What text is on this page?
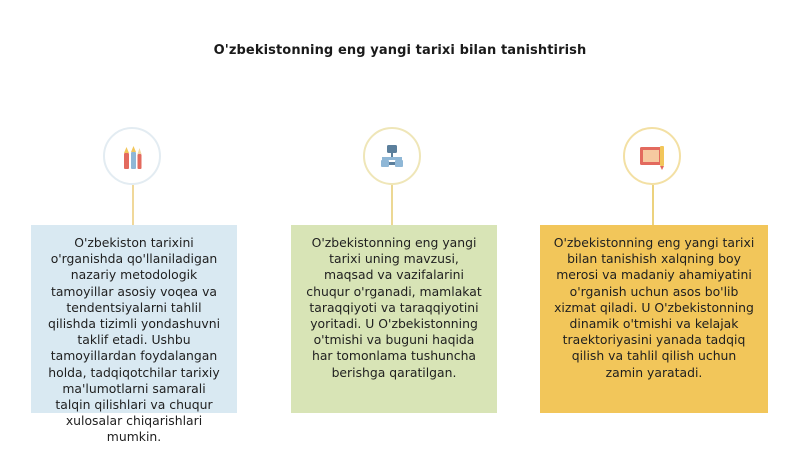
O'zbekistonning eng yangi tarixi bilan tanishtirish
O'zbekiston tarixini o'rganishda qo'llaniladigan nazariy metodologik tamoyillar asosiy voqea va tendentsiyalarni tahlil qilishda tizimli yondashuvni taklif etadi. Ushbu tamoyillardan foydalangan holda, tadqiqotchilar tarixiy ma'lumotlarni samarali talqin qilishlari va chuqur xulosalar chiqarishlari mumkin.
O'zbekistonning eng yangi tarixi uning mavzusi, maqsad va vazifalarini chuqur o'rganadi, mamlakat taraqqiyoti va taraqqiyotini yoritadi. U O'zbekistonning o'tmishi va buguni haqida har tomonlama tushuncha berishga qaratilgan.
O'zbekistonning eng yangi tarixi bilan tanishish xalqning boy merosi va madaniy ahamiyatini o'rganish uchun asos bo'lib xizmat qiladi. U O'zbekistonning dinamik o'tmishi va kelajak traektoriyasini yanada tadqiq qilish va tahlil qilish uchun zamin yaratadi.
